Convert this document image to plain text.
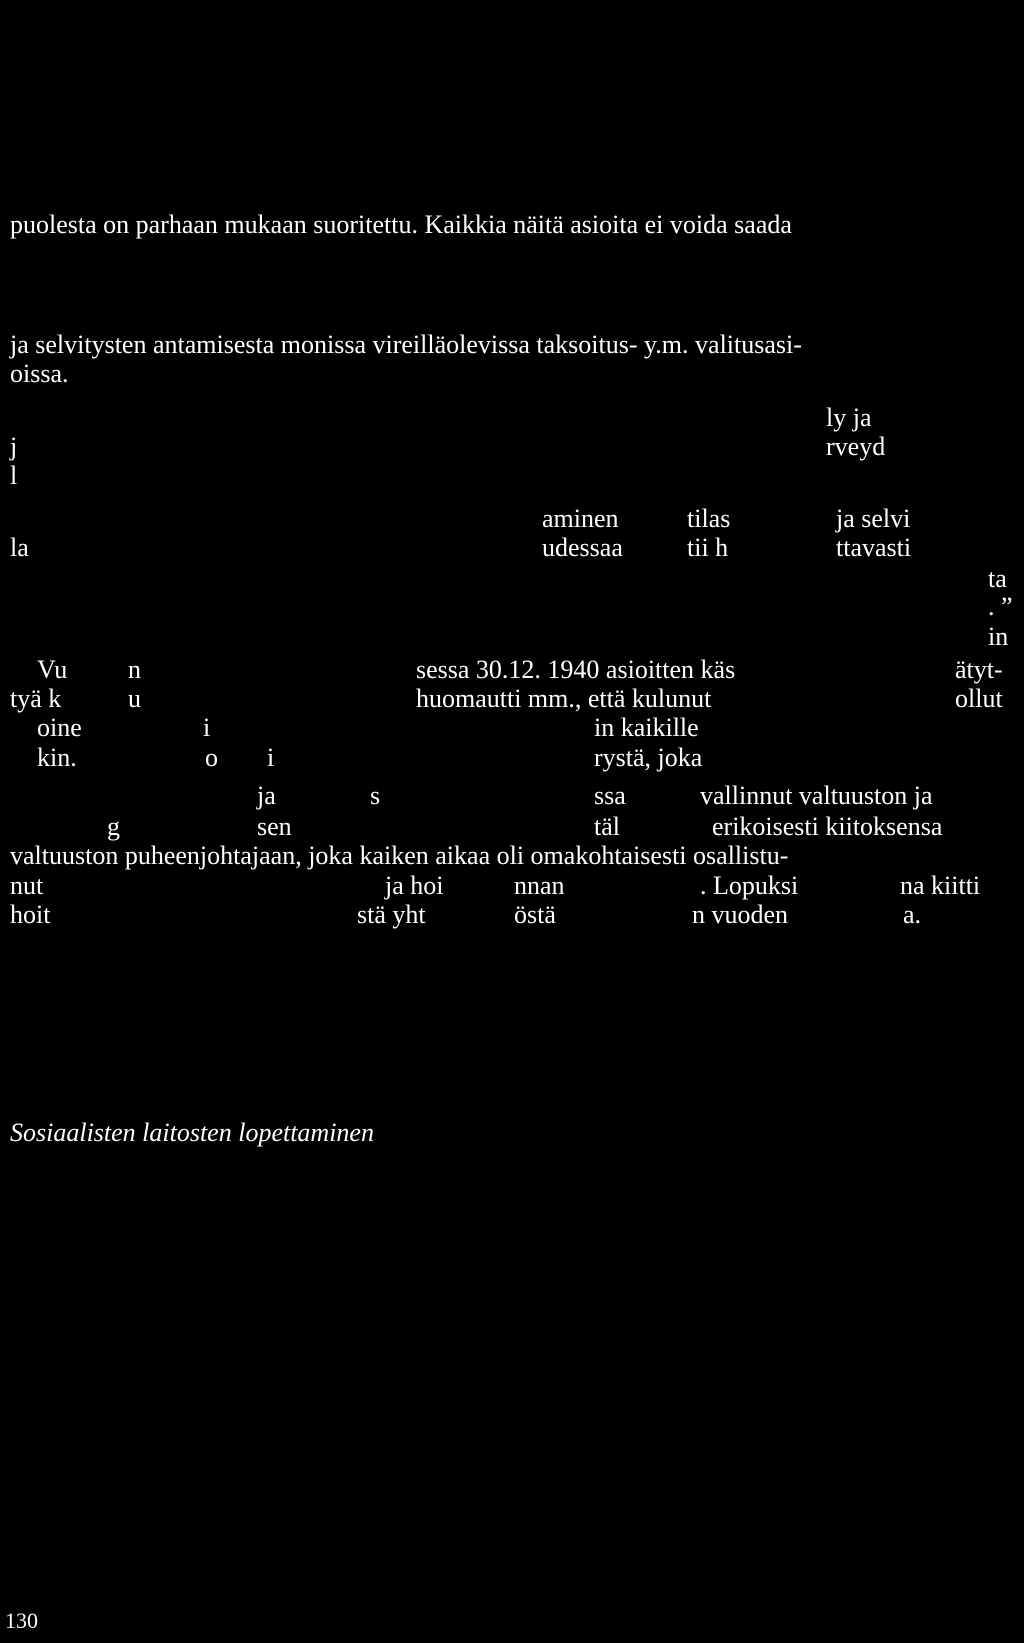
puolesta on parhaan mukaan suoritettu. Kaikkia näitä asioita ei voida saada
ja selvitysten antamisesta monissa vireilläolevissa taksoitus- y.m. valitusasi-
oissa.
ly ja
j	rveyd
l
aminen	tilas	ja selvi
la	udessaa tii h	ttavasti
ta
. ”
in
Vu n	sessa 30.12. 1940 asioitten käs	ätyt-
tyä k	u	huomautti mm., että kulunut	ollut
oine	i	in kaikille
kin.	o i	rystä, joka
ja	s	ssa	vallinnut valtuuston ja
g	sen	täl	erikoisesti kiitoksensa
valtuuston puheenjohtajaan, joka kaiken aikaa oli omakohtaisesti osallistu-
nut	ja hoi	nnan	. Lopuksi	na kiitti
hoit	stä yht	östä	n vuoden	a.
Sosiaalisten laitosten lopettaminen
130
